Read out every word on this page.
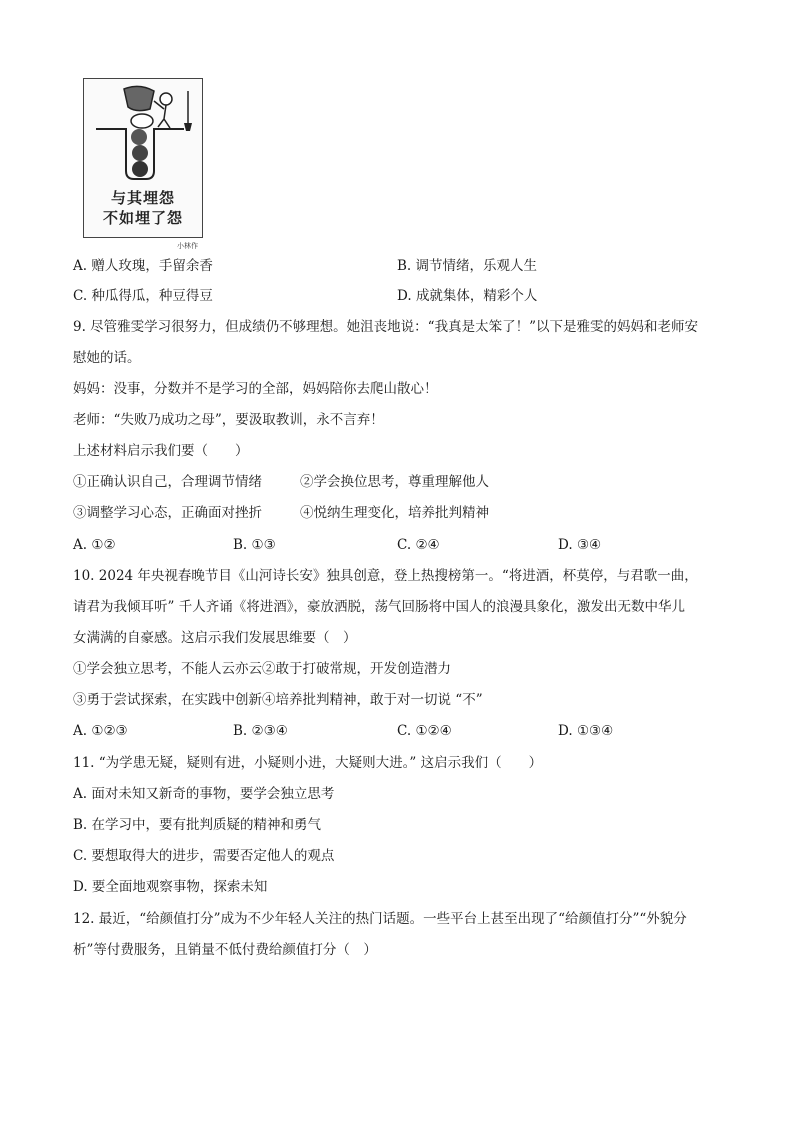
与其埋怨
不如埋了怨
小林作
A. 赠人玫瑰，手留余香	B. 调节情绪，乐观人生
C. 种瓜得瓜，种豆得豆	D. 成就集体，精彩个人
9. 尽管雅雯学习很努力，但成绩仍不够理想。她沮丧地说：“我真是太笨了！”以下是雅雯的妈妈和老师安
慰她的话。
妈妈：没事，分数并不是学习的全部，妈妈陪你去爬山散心！
老师：“失败乃成功之母”，要汲取教训，永不言弃！
上述材料启示我们要（　　）
①正确认识自己，合理调节情绪	②学会换位思考，尊重理解他人
③调整学习心态，正确面对挫折	④悦纳生理变化，培养批判精神
A. ①②	B. ①③	C. ②④	D. ③④
10. 2024 年央视春晚节目《山河诗长安》独具创意，登上热搜榜第一。“将进酒，杯莫停，与君歌一曲，
请君为我倾耳听” 千人齐诵《将进酒》，豪放洒脱，荡气回肠将中国人的浪漫具象化，激发出无数中华儿
女满满的自豪感。这启示我们发展思维要（　）
①学会独立思考，不能人云亦云②敢于打破常规，开发创造潜力
③勇于尝试探索，在实践中创新④培养批判精神，敢于对一切说 “不”
A. ①②③	B. ②③④	C. ①②④	D. ①③④
11. “为学患无疑，疑则有进，小疑则小进，大疑则大进。” 这启示我们（　　）
A. 面对未知又新奇的事物，要学会独立思考
B. 在学习中，要有批判质疑的精神和勇气
C. 要想取得大的进步，需要否定他人的观点
D. 要全面地观察事物，探索未知
12. 最近，“给颜值打分”成为不少年轻人关注的热门话题。一些平台上甚至出现了“给颜值打分”“外貌分
析”等付费服务，且销量不低付费给颜值打分（　）
